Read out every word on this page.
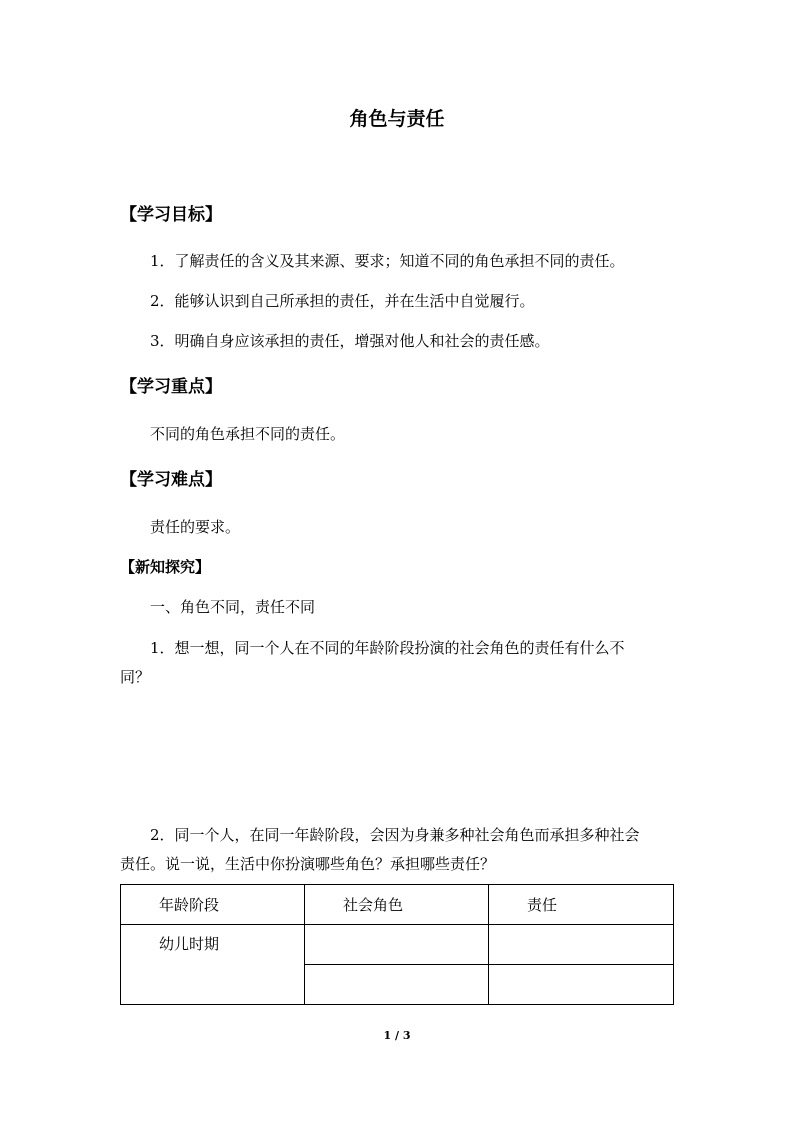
角色与责任
【学习目标】
1．了解责任的含义及其来源、要求；知道不同的角色承担不同的责任。
2．能够认识到自己所承担的责任，并在生活中自觉履行。
3．明确自身应该承担的责任，增强对他人和社会的责任感。
【学习重点】
不同的角色承担不同的责任。
【学习难点】
责任的要求。
【新知探究】
一、角色不同，责任不同
1．想一想，同一个人在不同的年龄阶段扮演的社会角色的责任有什么不
同？
2．同一个人，在同一年龄阶段，会因为身兼多种社会角色而承担多种社会
责任。说一说，生活中你扮演哪些角色？承担哪些责任？
年龄阶段	社会角色	责任
幼儿时期		

1 / 3
